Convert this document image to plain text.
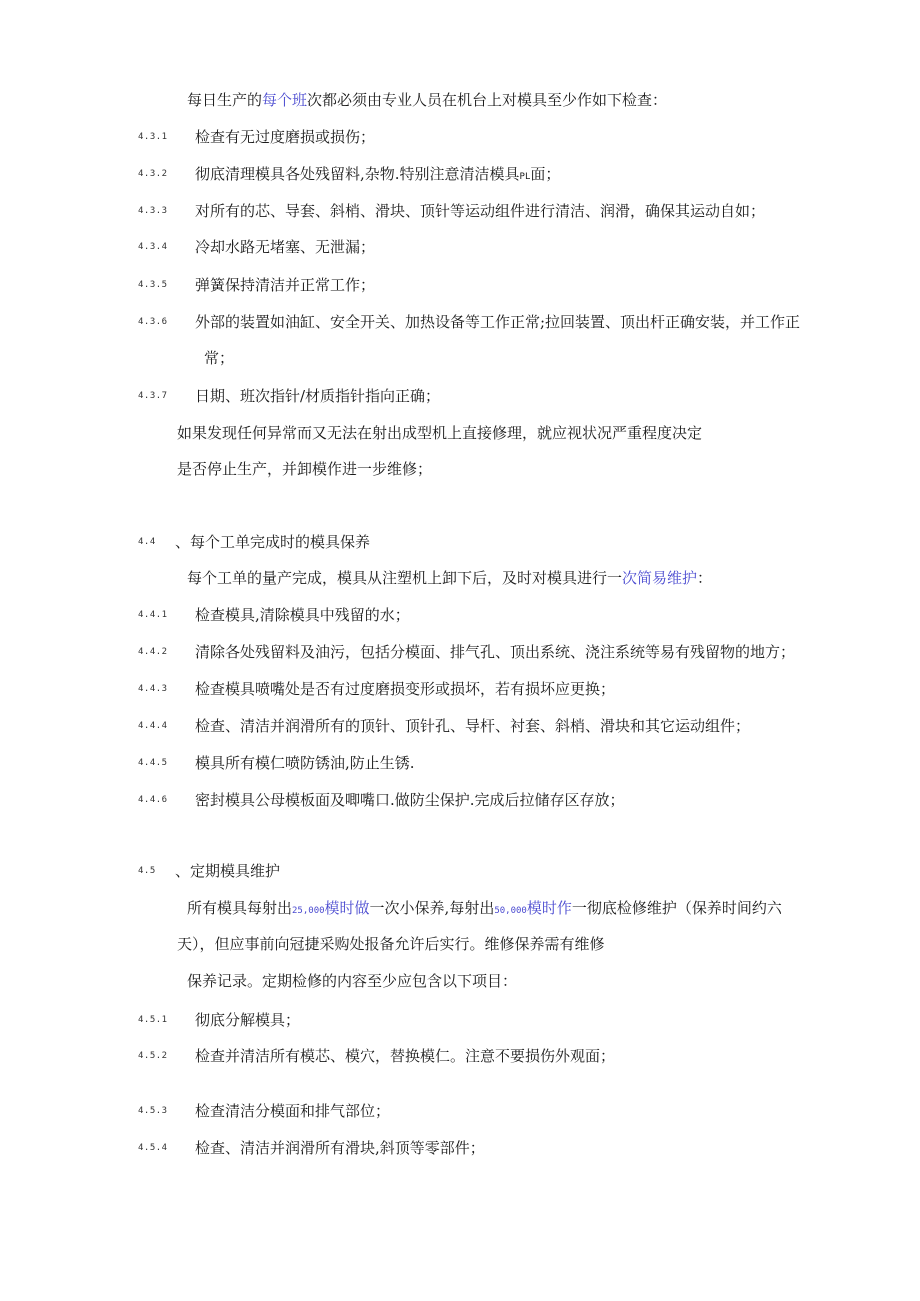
每日生产的每个班次都必须由专业人员在机台上对模具至少作如下检查：
4.3.1 检查有无过度磨损或损伤；
4.3.2 彻底清理模具各处残留料,杂物.特别注意清洁模具PL面；
4.3.3 对所有的芯、导套、斜梢、滑块、顶针等运动组件进行清洁、润滑，确保其运动自如；
4.3.4 冷却水路无堵塞、无泄漏；
4.3.5 弹簧保持清洁并正常工作；
4.3.6 外部的装置如油缸、安全开关、加热设备等工作正常;拉回装置、顶出杆正确安装，并工作正
常；
4.3.7 日期、班次指针/材质指针指向正确；
如果发现任何异常而又无法在射出成型机上直接修理，就应视状况严重程度决定
是否停止生产，并卸模作进一步维修；
4.4 、每个工单完成时的模具保养
每个工单的量产完成，模具从注塑机上卸下后，及时对模具进行一次简易维护：
4.4.1 检查模具,清除模具中残留的水；
4.4.2 清除各处残留料及油污，包括分模面、排气孔、顶出系统、浇注系统等易有残留物的地方；
4.4.3 检查模具喷嘴处是否有过度磨损变形或损坏，若有损坏应更换；
4.4.4 检查、清洁并润滑所有的顶针、顶针孔、导杆、衬套、斜梢、滑块和其它运动组件；
4.4.5 模具所有模仁喷防锈油,防止生锈.
4.4.6 密封模具公母模板面及唧嘴口.做防尘保护.完成后拉储存区存放；
4.5 、定期模具维护
所有模具每射出25,000模时做一次小保养,每射出50,000模时作一彻底检修维护（保养时间约六
天），但应事前向冠捷采购处报备允许后实行。维修保养需有维修
保养记录。定期检修的内容至少应包含以下项目：
4.5.1 彻底分解模具；
4.5.2 检查并清洁所有模芯、模穴，替换模仁。注意不要损伤外观面；
4.5.3 检查清洁分模面和排气部位；
4.5.4 检查、清洁并润滑所有滑块,斜顶等零部件；
